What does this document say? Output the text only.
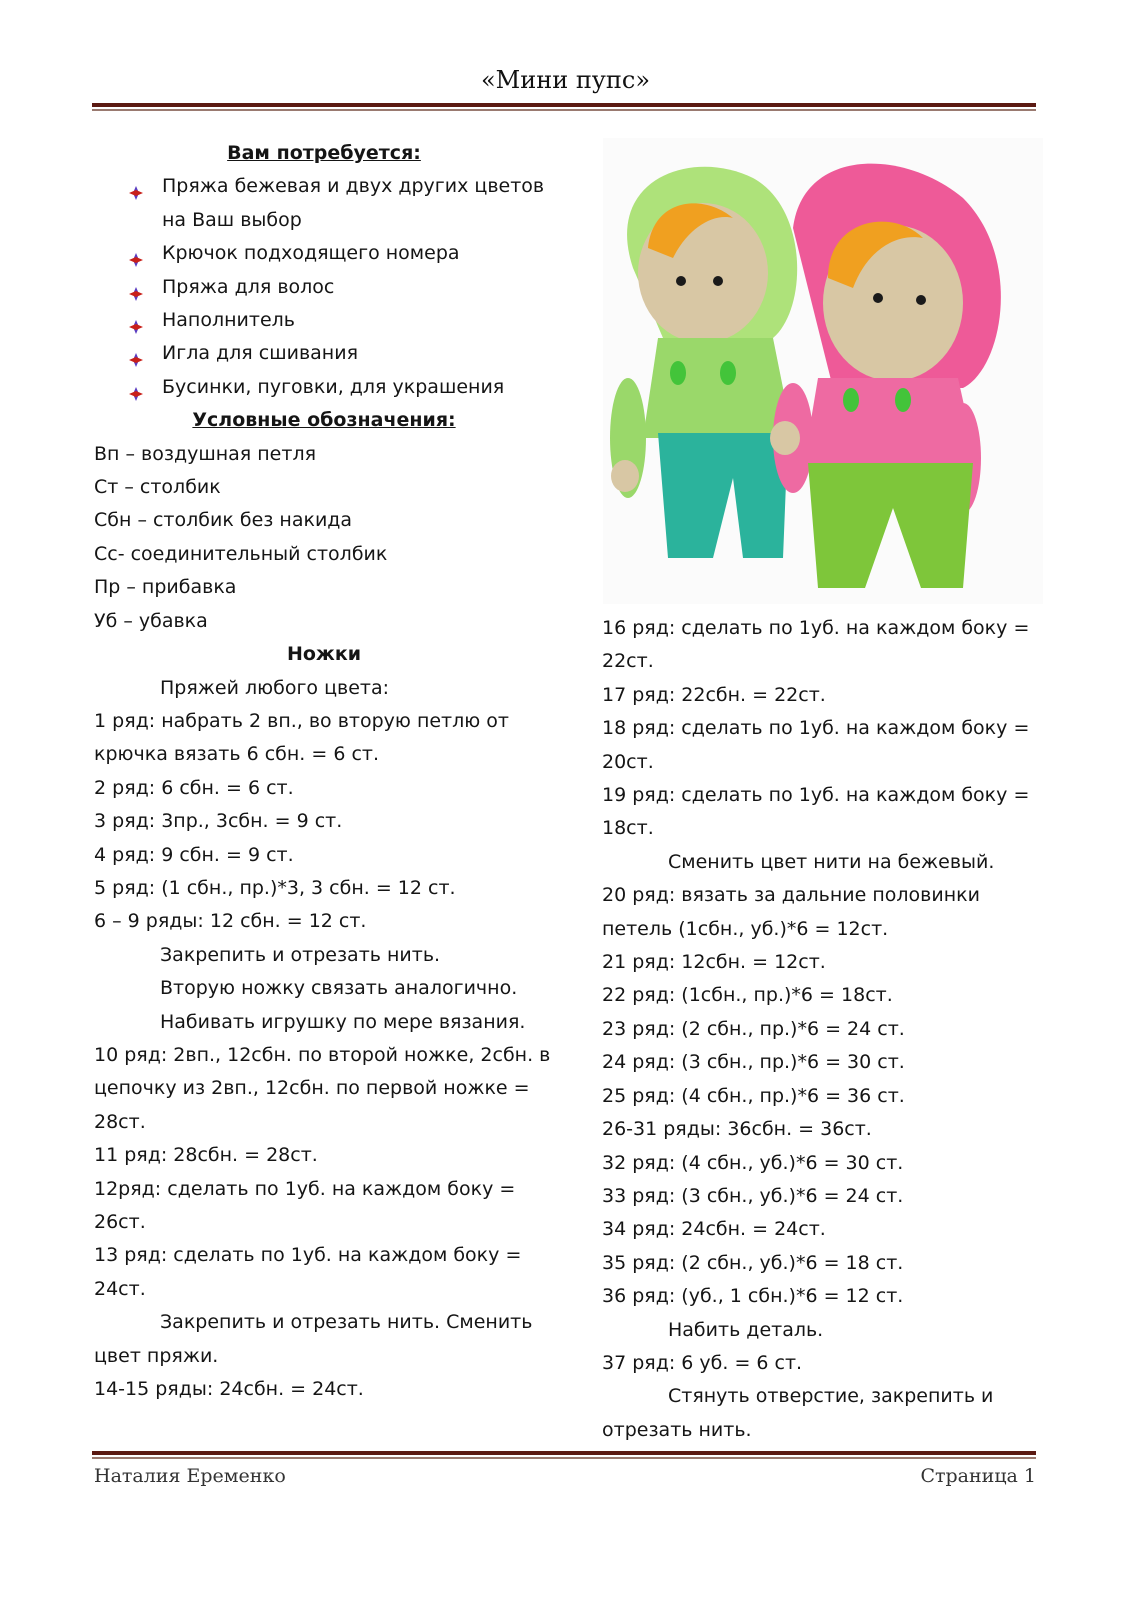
«Мини пупс»

Вам потребуется:

Пряжа бежевая и двух других цветов
на Ваш выбор
Крючок подходящего номера
Пряжа для волос
Наполнитель
Игла для сшивания
Бусинки, пуговки, для украшения

Условные обозначения:

Вп – воздушная петля

Ст – столбик

Сбн – столбик без накида

Сс- соединительный столбик

Пр – прибавка

Уб – убавка

Ножки

Пряжей любого цвета:

1 ряд: набрать 2 вп., во вторую петлю от

крючка вязать 6 сбн. = 6 ст.

2 ряд: 6 сбн. = 6 ст.

3 ряд: 3пр., 3сбн. = 9 ст.

4 ряд: 9 сбн. = 9 ст.

5 ряд: (1 сбн., пр.)*3, 3 сбн. = 12 ст.

6 – 9 ряды: 12 сбн. = 12 ст.

Закрепить и отрезать нить.

Вторую ножку связать аналогично.

Набивать игрушку по мере вязания.

10 ряд: 2вп., 12сбн. по второй ножке, 2сбн. в

цепочку из 2вп., 12сбн. по первой ножке =

28ст.

11 ряд: 28сбн. = 28ст.

12ряд: сделать по 1уб. на каждом боку =

26ст.

13 ряд: сделать по 1уб. на каждом боку =

24ст.

Закрепить и отрезать нить. Сменить

цвет пряжи.

14-15 ряды: 24сбн. = 24ст.

16 ряд: сделать по 1уб. на каждом боку =

22ст.

17 ряд: 22сбн. = 22ст.

18 ряд: сделать по 1уб. на каждом боку =

20ст.

19 ряд: сделать по 1уб. на каждом боку =

18ст.

Сменить цвет нити на бежевый.

20 ряд: вязать за дальние половинки

петель (1сбн., уб.)*6 = 12ст.

21 ряд: 12сбн. = 12ст.

22 ряд: (1сбн., пр.)*6 = 18ст.

23 ряд: (2 сбн., пр.)*6 = 24 ст.

24 ряд: (3 сбн., пр.)*6 = 30 ст.

25 ряд: (4 сбн., пр.)*6 = 36 ст.

26-31 ряды: 36сбн. = 36ст.

32 ряд: (4 сбн., уб.)*6 = 30 ст.

33 ряд: (3 сбн., уб.)*6 = 24 ст.

34 ряд: 24сбн. = 24ст.

35 ряд: (2 сбн., уб.)*6 = 18 ст.

36 ряд: (уб., 1 сбн.)*6 = 12 ст.

Набить деталь.

37 ряд: 6 уб. = 6 ст.

Стянуть отверстие, закрепить и

отрезать нить.

Наталия Еременко	Страница 1
